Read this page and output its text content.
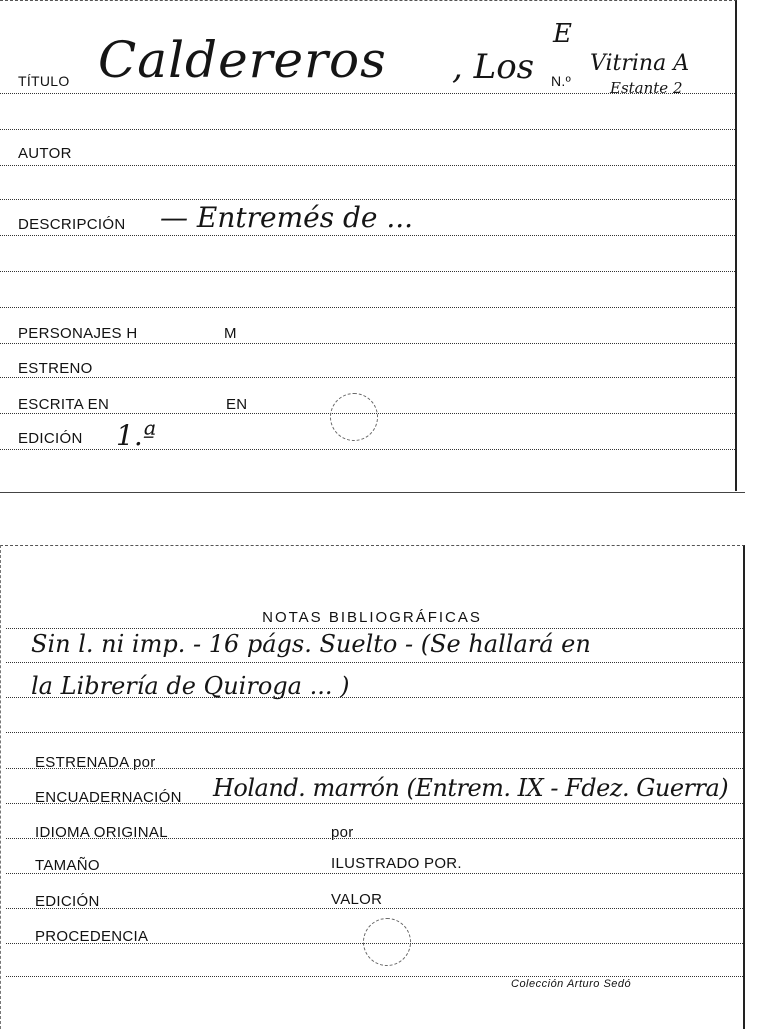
TÍTULO Caldereros , Los
E
N.º
Vitrina A
Estante 2
AUTOR
DESCRIPCIÓN — Entremés de ...
PERSONAJES H	M
ESTRENO
ESCRITA EN	EN
EDICIÓN 1.ª
NOTAS BIBLIOGRÁFICAS
Sin l. ni imp. - 16 págs. Suelto - (Se hallará en
la Librería de Quiroga ... )
ESTRENADA por
ENCUADERNACIÓN Holand. marrón (Entrem. IX - Fdez. Guerra)
IDIOMA ORIGINAL	por
TAMAÑO	ILUSTRADO POR.
EDICIÓN	VALOR
PROCEDENCIA
Colección Arturo Sedó
